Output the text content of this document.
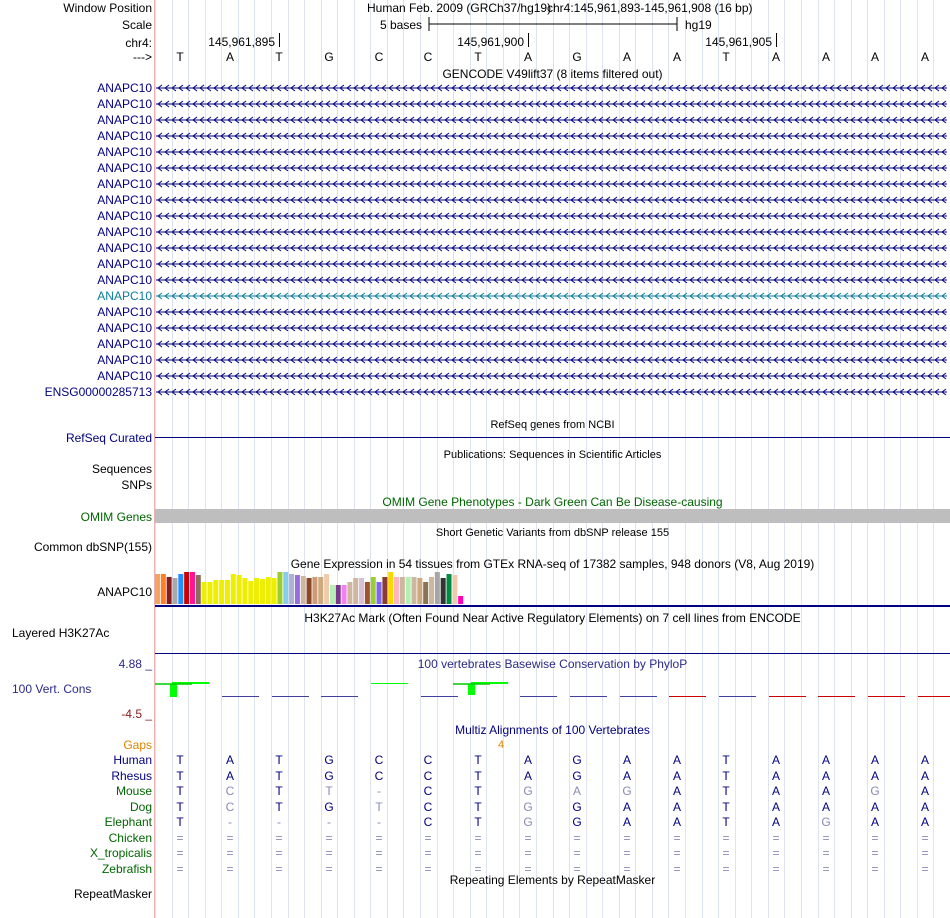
Window Position
Scale
chr4:
--->
ANAPC10
ANAPC10
ANAPC10
ANAPC10
ANAPC10
ANAPC10
ANAPC10
ANAPC10
ANAPC10
ANAPC10
ANAPC10
ANAPC10
ANAPC10
ANAPC10
ANAPC10
ANAPC10
ANAPC10
ANAPC10
ANAPC10
ENSG00000285713
RefSeq Curated
Sequences
SNPs
OMIM Genes
Common dbSNP(155)
ANAPC10
Layered H3K27Ac
4.88 _
100 Vert. Cons
-4.5 _
Gaps
Human
Rhesus
Mouse
Dog
Elephant
Chicken
X_tropicalis
Zebrafish
RepeatMasker
Human Feb. 2009 (GRCh37/hg19)
chr4:145,961,893-145,961,908 (16 bp)
5 bases	hg19
145,961,895	145,961,900	145,961,905
T	A	T	G	C	C	T	A	G	A	A	T	A	A	A	A
GENCODE V49lift37 (8 items filtered out)
RefSeq genes from NCBI
Publications: Sequences in Scientific Articles
OMIM Gene Phenotypes - Dark Green Can Be Disease-causing
Short Genetic Variants from dbSNP release 155
Gene Expression in 54 tissues from GTEx RNA-seq of 17382 samples, 948 donors (V8, Aug 2019)
H3K27Ac Mark (Often Found Near Active Regulatory Elements) on 7 cell lines from ENCODE
100 vertebrates Basewise Conservation by PhyloP
Multiz Alignments of 100 Vertebrates
4
T	A	T	G	C	C	T	A	G	A	A	T	A	A	A	A
T	A	T	G	C	C	T	A	G	A	A	T	A	A	A	A
T	C	T	T	-	C	T	G	A	G	A	T	A	A	G	A
T	C	T	G	T	C	T	G	G	A	A	T	A	A	A	A
T	-	-	-	-	C	T	G	G	A	A	T	A	G	A	A
=	=	=	=	=	=	=	=	=	=	=	=	=	=	=	=
=	=	=	=	=	=	=	=	=	=	=	=	=	=	=	=
=	=	=	=	=	=	=	=	=	=	=	=	=	=	=	=
Repeating Elements by RepeatMasker
